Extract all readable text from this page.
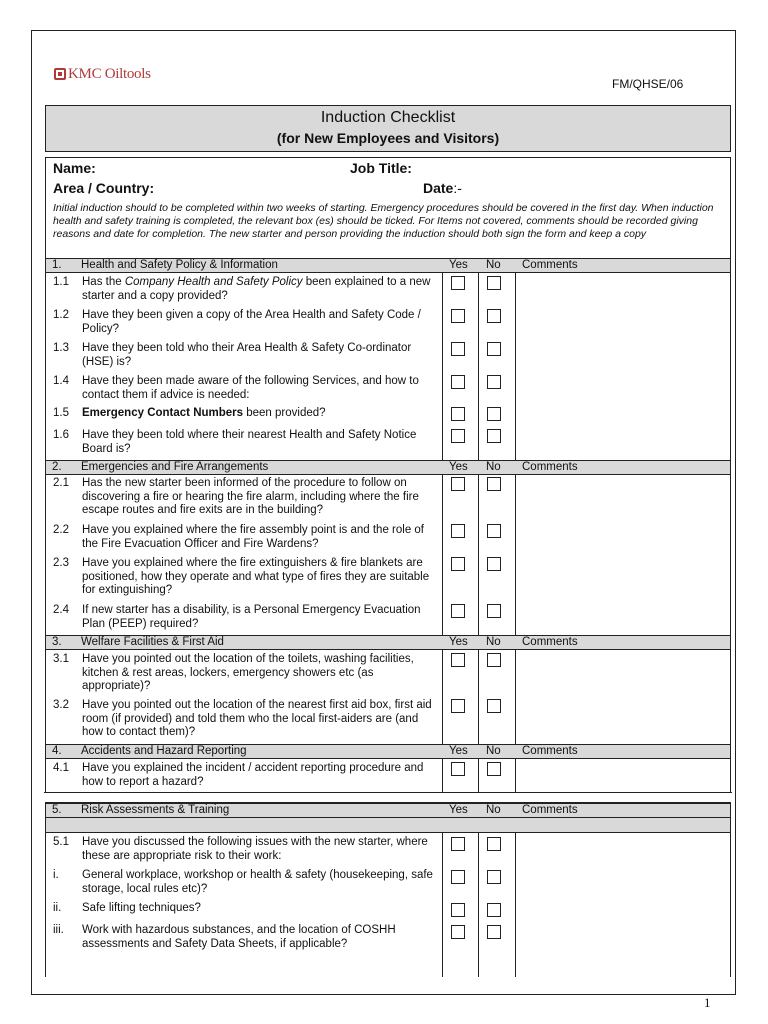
KMC Oiltools
FM/QHSE/06
Induction Checklist
(for New Employees and Visitors)
Name:	Job Title:
Area / Country:	Date:-
Initial induction should to be completed within two weeks of starting. Emergency procedures should be covered in the first day. When induction health and safety training is completed, the relevant box (es) should be ticked. For Items not covered, comments should be recorded giving reasons and date for completion. The new starter and person providing the induction should both sign the form and keep a copy
1. Health and Safety Policy & Information	Yes No Comments
1.1 Has the Company Health and Safety Policy been explained to a new starter and a copy provided?
1.2 Have they been given a copy of the Area Health and Safety Code / Policy?
1.3 Have they been told who their Area Health & Safety Co-ordinator (HSE) is?
1.4 Have they been made aware of the following Services, and how to contact them if advice is needed:
1.5 Emergency Contact Numbers been provided?
1.6 Have they been told where their nearest Health and Safety Notice Board is?
2. Emergencies and Fire Arrangements	Yes No Comments
2.1 Has the new starter been informed of the procedure to follow on discovering a fire or hearing the fire alarm, including where the fire escape routes and fire exits are in the building?
2.2 Have you explained where the fire assembly point is and the role of the Fire Evacuation Officer and Fire Wardens?
2.3 Have you explained where the fire extinguishers & fire blankets are positioned, how they operate and what type of fires they are suitable for extinguishing?
2.4 If new starter has a disability, is a Personal Emergency Evacuation Plan (PEEP) required?
3. Welfare Facilities & First Aid	Yes No Comments
3.1 Have you pointed out the location of the toilets, washing facilities, kitchen & rest areas, lockers, emergency showers etc (as appropriate)?
3.2 Have you pointed out the location of the nearest first aid box, first aid room (if provided) and told them who the local first-aiders are (and how to contact them)?
4. Accidents and Hazard Reporting	Yes No Comments
4.1 Have you explained the incident / accident reporting procedure and how to report a hazard?
5. Risk Assessments & Training	Yes No Comments
5.1 Have you discussed the following issues with the new starter, where these are appropriate risk to their work:
i. General workplace, workshop or health & safety (housekeeping, safe storage, local rules etc)?
ii. Safe lifting techniques?
iii. Work with hazardous substances, and the location of COSHH assessments and Safety Data Sheets, if applicable?
1
